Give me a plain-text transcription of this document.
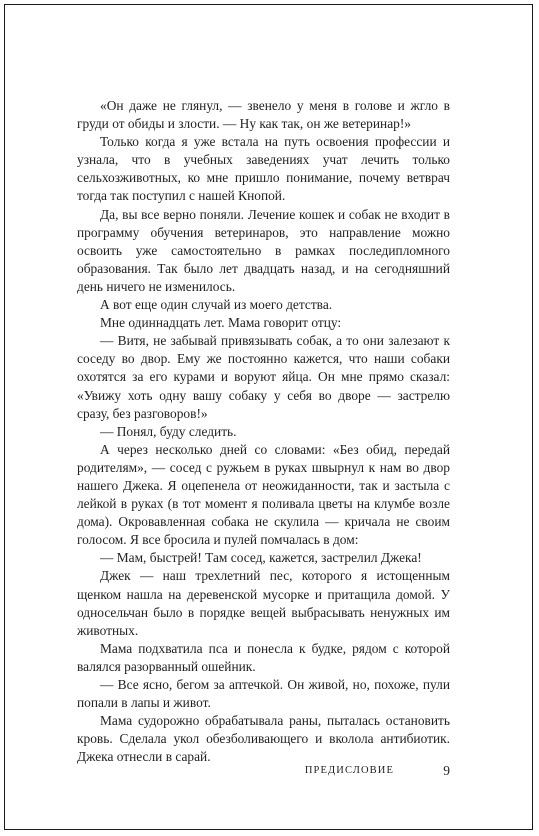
«Он даже не глянул, — звенело у меня в голове и жгло в груди от обиды и злости. — Ну как так, он же ветеринар!»

Только когда я уже встала на путь освоения профессии и узнала, что в учебных заведениях учат лечить только сельхозживотных, ко мне пришло понимание, почему ветврач тогда так поступил с нашей Кнопой.

Да, вы все верно поняли. Лечение кошек и собак не входит в программу обучения ветеринаров, это направление можно освоить уже самостоятельно в рамках последипломного образования. Так было лет двадцать назад, и на сегодняшний день ничего не изменилось.

А вот еще один случай из моего детства.

Мне одиннадцать лет. Мама говорит отцу:

— Витя, не забывай привязывать собак, а то они залезают к соседу во двор. Ему же постоянно кажется, что наши собаки охотятся за его курами и воруют яйца. Он мне прямо сказал: «Увижу хоть одну вашу собаку у себя во дворе — застрелю сразу, без разговоров!»

— Понял, буду следить.

А через несколько дней со словами: «Без обид, передай родителям», — сосед с ружьем в руках швырнул к нам во двор нашего Джека. Я оцепенела от неожиданности, так и застыла с лейкой в руках (в тот момент я поливала цветы на клумбе возле дома). Окровавленная собака не скулила — кричала не своим голосом. Я все бросила и пулей помчалась в дом:

— Мам, быстрей! Там сосед, кажется, застрелил Джека!

Джек — наш трехлетний пес, которого я истощенным щенком нашла на деревенской мусорке и притащила домой. У односельчан было в порядке вещей выбрасывать ненужных им животных.

Мама подхватила пса и понесла к будке, рядом с которой валялся разорванный ошейник.

— Все ясно, бегом за аптечкой. Он живой, но, похоже, пули попали в лапы и живот.

Мама судорожно обрабатывала раны, пыталась остановить кровь. Сделала укол обезболивающего и вколола антибиотик. Джека отнесли в сарай.

ПРЕДИСЛОВИЕ	9
